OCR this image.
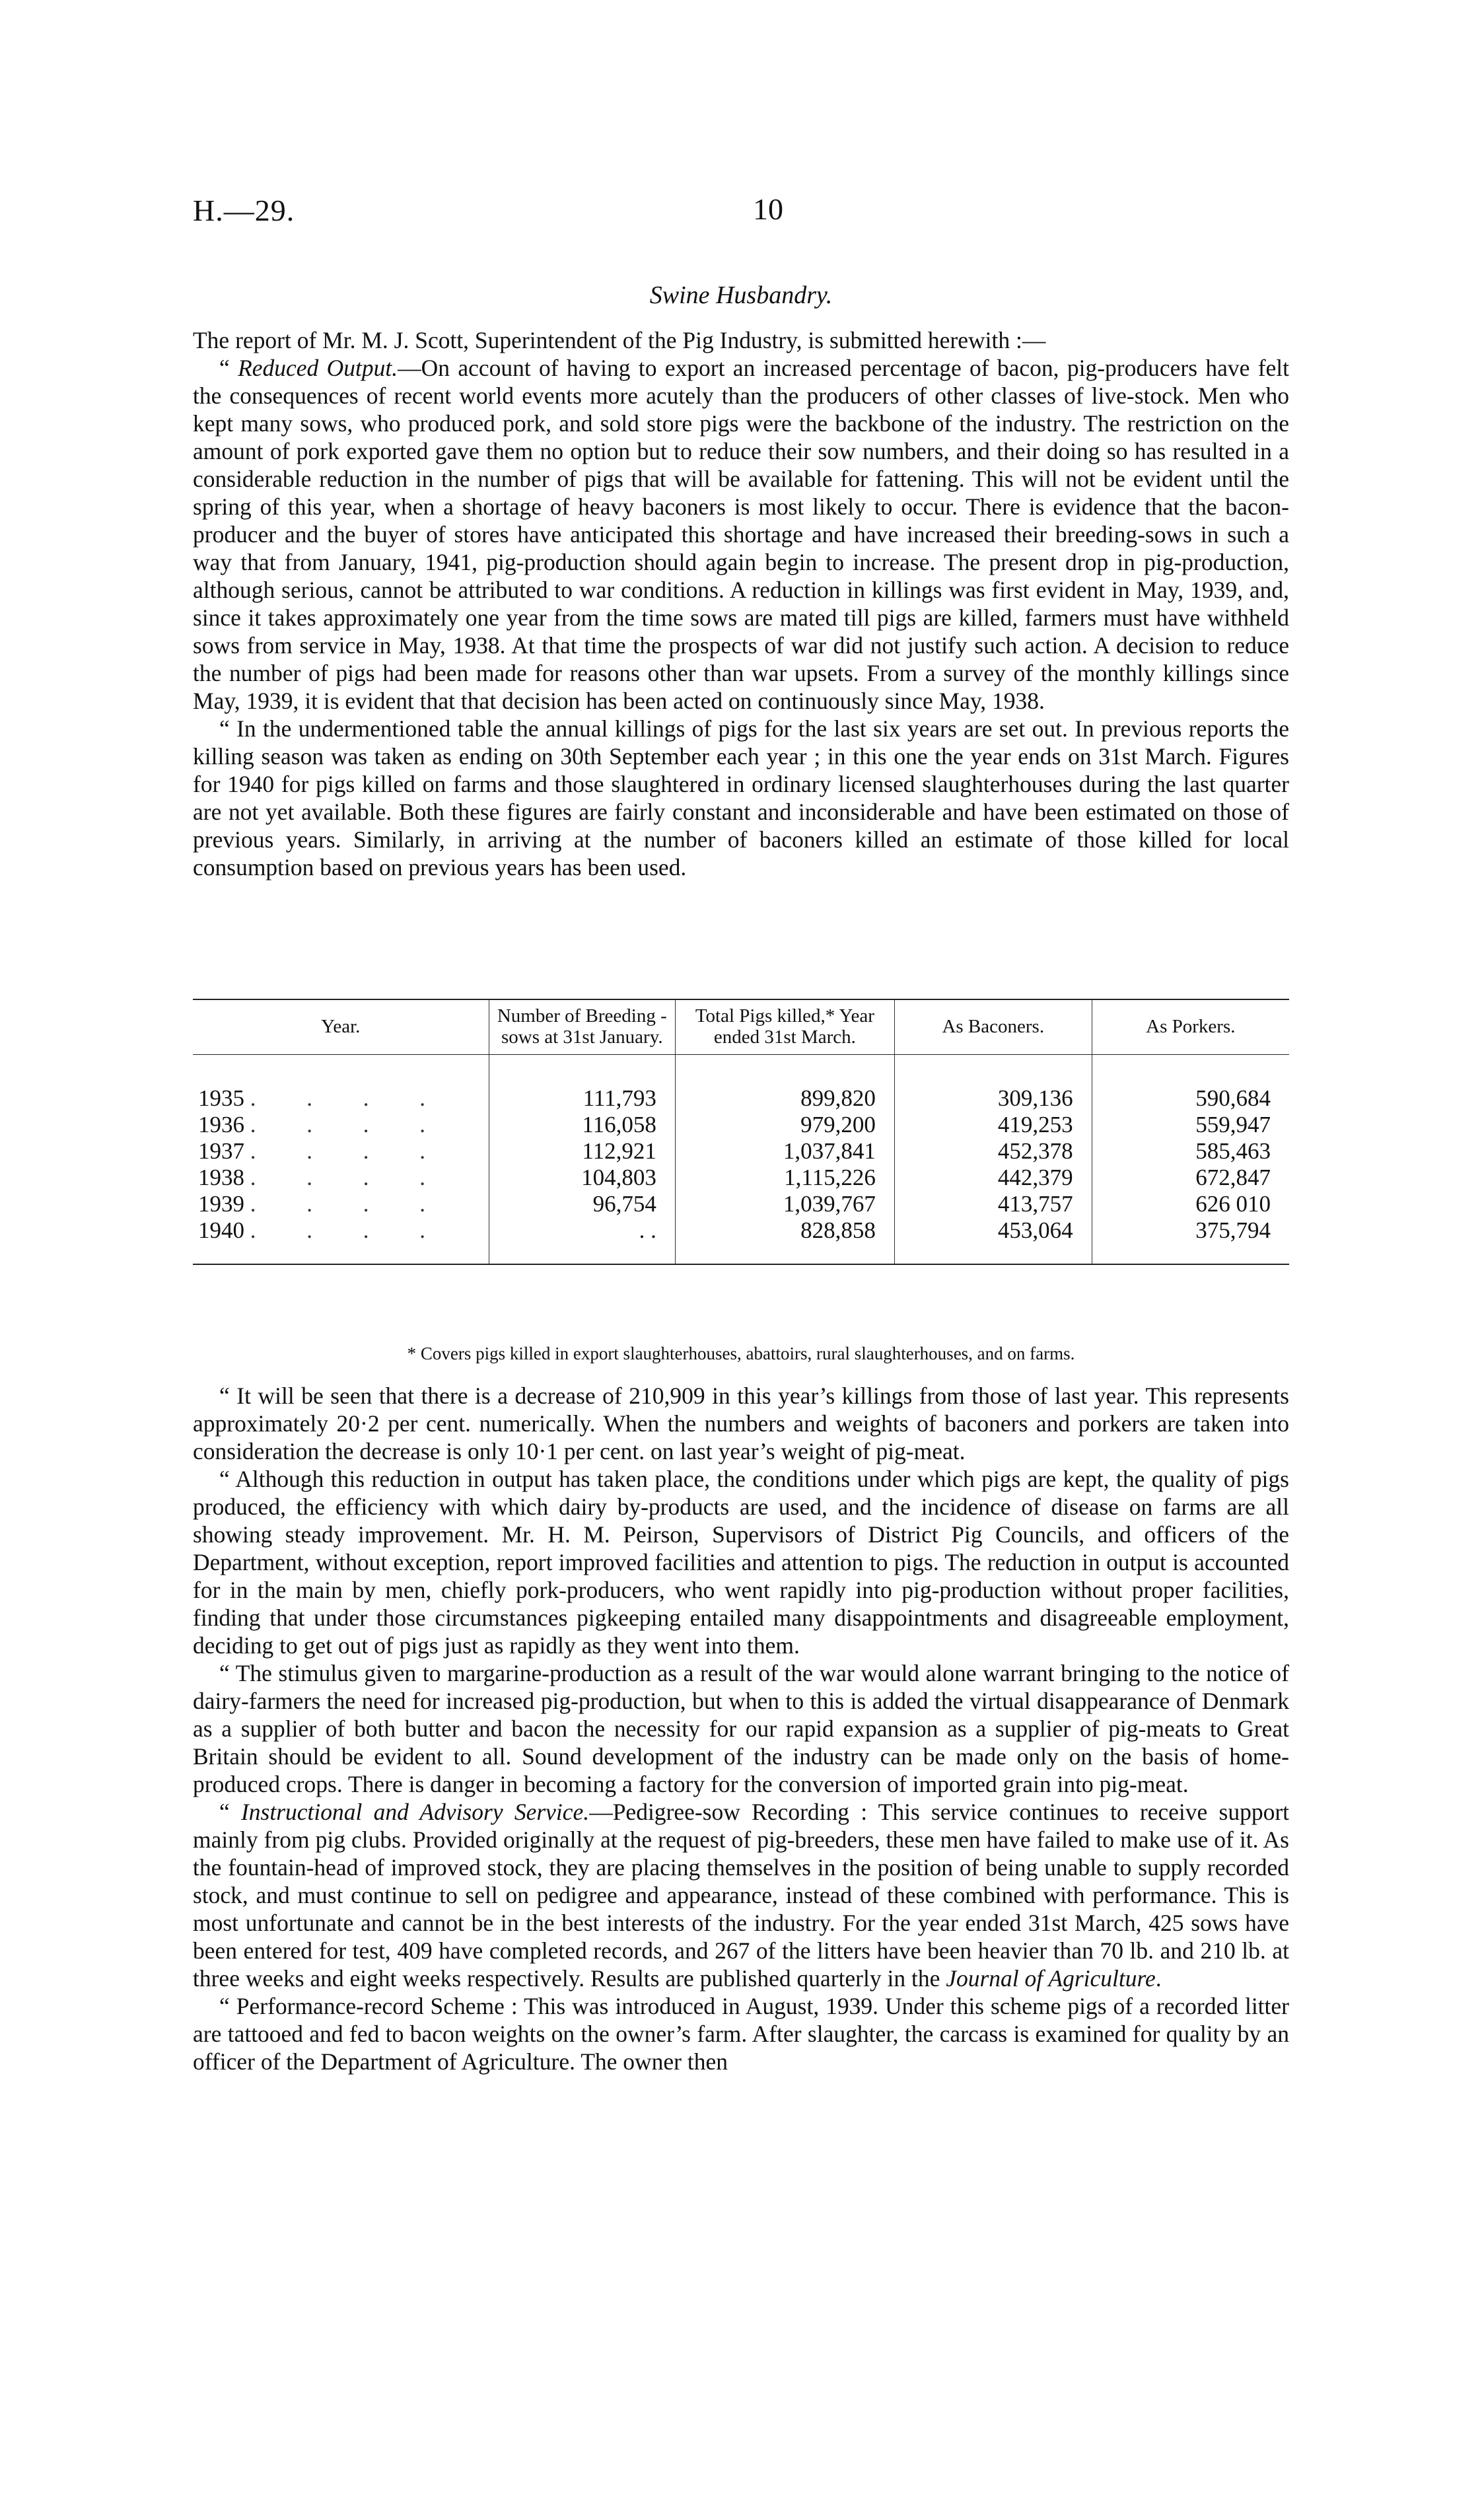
H.—29.	10
Swine Husbandry.

The report of Mr. M. J. Scott, Superintendent of the Pig Industry, is submitted herewith :—

“ Reduced Output.—On account of having to export an increased percentage of bacon, pig-producers have felt the consequences of recent world events more acutely than the producers of other classes of live-stock. Men who kept many sows, who produced pork, and sold store pigs were the backbone of the industry. The restriction on the amount of pork exported gave them no option but to reduce their sow numbers, and their doing so has resulted in a considerable reduction in the number of pigs that will be available for fattening. This will not be evident until the spring of this year, when a shortage of heavy baconers is most likely to occur. There is evidence that the bacon-producer and the buyer of stores have anticipated this shortage and have increased their breeding-sows in such a way that from January, 1941, pig-production should again begin to increase. The present drop in pig-production, although serious, cannot be attributed to war conditions. A reduction in killings was first evident in May, 1939, and, since it takes approximately one year from the time sows are mated till pigs are killed, farmers must have withheld sows from service in May, 1938. At that time the prospects of war did not justify such action. A decision to reduce the number of pigs had been made for reasons other than war upsets. From a survey of the monthly killings since May, 1939, it is evident that that decision has been acted on continuously since May, 1938.

“ In the undermentioned table the annual killings of pigs for the last six years are set out. In previous reports the killing season was taken as ending on 30th September each year ; in this one the year ends on 31st March. Figures for 1940 for pigs killed on farms and those slaughtered in ordinary licensed slaughterhouses during the last quarter are not yet available. Both these figures are fairly constant and inconsiderable and have been estimated on those of previous years. Similarly, in arriving at the number of baconers killed an estimate of those killed for local consumption based on previous years has been used.

Year.	Number of Breeding - sows at 31st January.	Total Pigs killed,* Year ended 31st March.	As Baconers.	As Porkers.
1935 . . . .	111,793	899,820	309,136	590,684
1936 . . . .	116,058	979,200	419,253	559,947
1937 . . . .	112,921	1,037,841	452,378	585,463
1938 . . . .	104,803	1,115,226	442,379	672,847
1939 . . . .	96,754	1,039,767	413,757	626 010
1940 . . . .	. .	828,858	453,064	375,794
* Covers pigs killed in export slaughterhouses, abattoirs, rural slaughterhouses, and on farms.

“ It will be seen that there is a decrease of 210,909 in this year’s killings from those of last year. This represents approximately 20·2 per cent. numerically. When the numbers and weights of baconers and porkers are taken into consideration the decrease is only 10·1 per cent. on last year’s weight of pig-meat.

“ Although this reduction in output has taken place, the conditions under which pigs are kept, the quality of pigs produced, the efficiency with which dairy by-products are used, and the incidence of disease on farms are all showing steady improvement. Mr. H. M. Peirson, Supervisors of District Pig Councils, and officers of the Department, without exception, report improved facilities and attention to pigs. The reduction in output is accounted for in the main by men, chiefly pork-producers, who went rapidly into pig-production without proper facilities, finding that under those circumstances pigkeeping entailed many disappointments and disagreeable employment, deciding to get out of pigs just as rapidly as they went into them.

“ The stimulus given to margarine-production as a result of the war would alone warrant bringing to the notice of dairy-farmers the need for increased pig-production, but when to this is added the virtual disappearance of Denmark as a supplier of both butter and bacon the necessity for our rapid expansion as a supplier of pig-meats to Great Britain should be evident to all. Sound development of the industry can be made only on the basis of home-produced crops. There is danger in becoming a factory for the conversion of imported grain into pig-meat.

“ Instructional and Advisory Service.—Pedigree-sow Recording : This service continues to receive support mainly from pig clubs. Provided originally at the request of pig-breeders, these men have failed to make use of it. As the fountain-head of improved stock, they are placing themselves in the position of being unable to supply recorded stock, and must continue to sell on pedigree and appearance, instead of these combined with performance. This is most unfortunate and cannot be in the best interests of the industry. For the year ended 31st March, 425 sows have been entered for test, 409 have completed records, and 267 of the litters have been heavier than 70 lb. and 210 lb. at three weeks and eight weeks respectively. Results are published quarterly in the Journal of Agriculture.

“ Performance-record Scheme : This was introduced in August, 1939. Under this scheme pigs of a recorded litter are tattooed and fed to bacon weights on the owner’s farm. After slaughter, the carcass is examined for quality by an officer of the Department of Agriculture. The owner then
